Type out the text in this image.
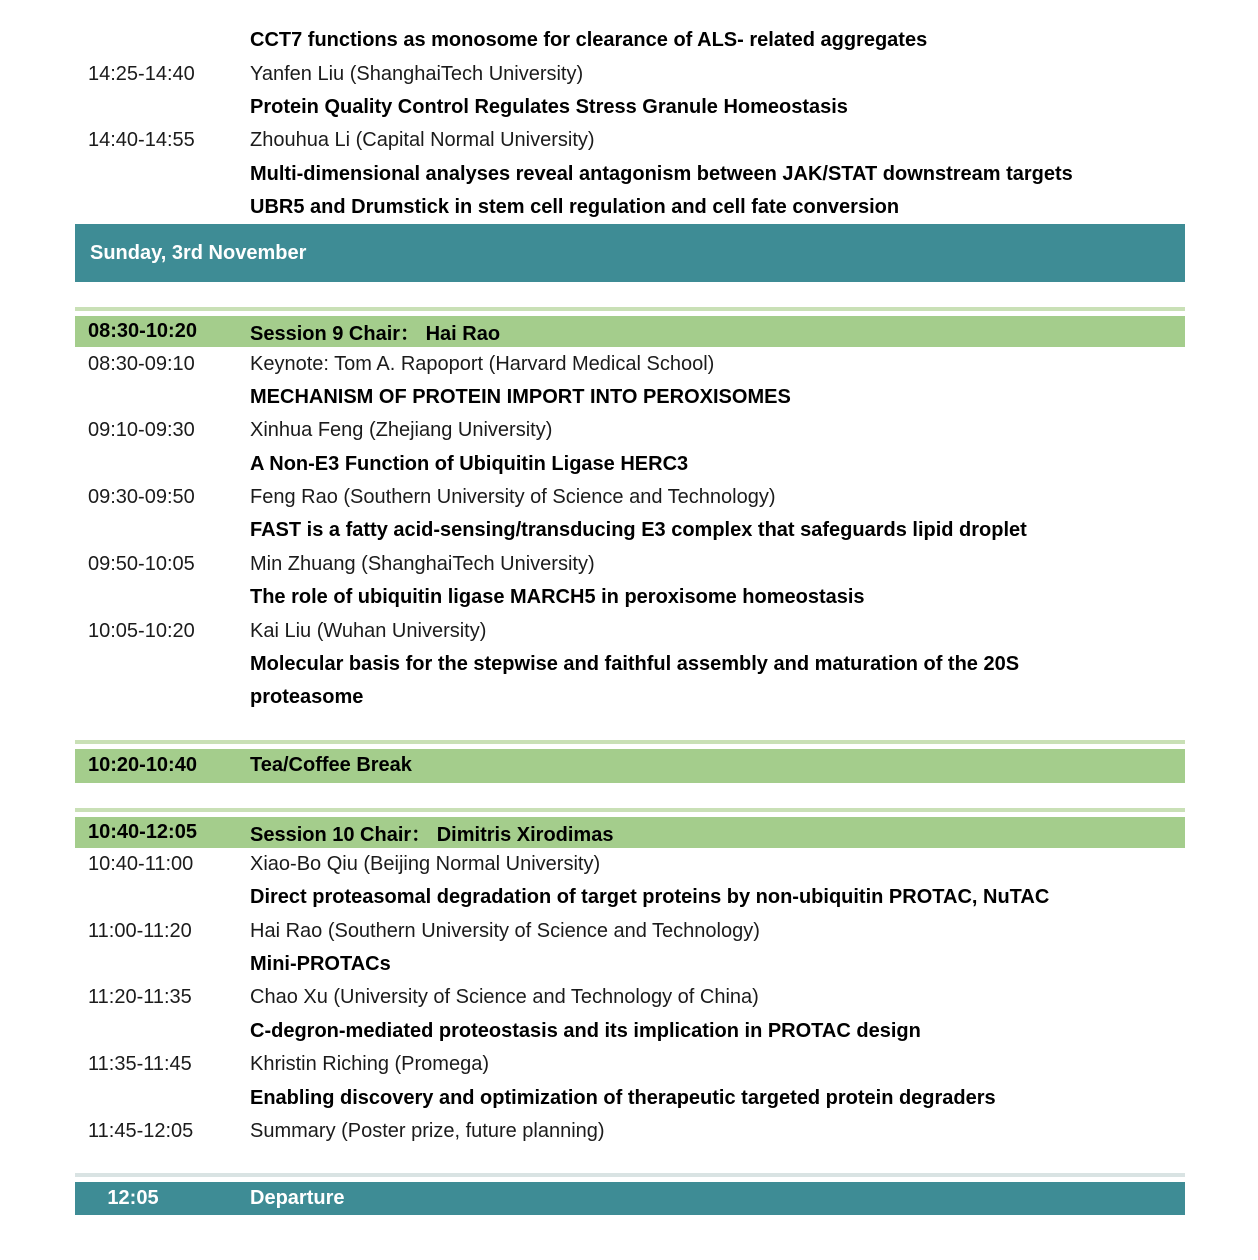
CCT7 functions as monosome for clearance of ALS- related aggregates
14:25-14:40	Yanfen Liu (ShanghaiTech University)
Protein Quality Control Regulates Stress Granule Homeostasis
14:40-14:55	Zhouhua Li (Capital Normal University)
Multi-dimensional analyses reveal antagonism between JAK/STAT downstream targets
UBR5 and Drumstick in stem cell regulation and cell fate conversion
Sunday, 3rd November
08:30-10:20	Session 9 Chair： Hai Rao
08:30-09:10	Keynote: Tom A. Rapoport (Harvard Medical School)
MECHANISM OF PROTEIN IMPORT INTO PEROXISOMES
09:10-09:30	Xinhua Feng (Zhejiang University)
A Non-E3 Function of Ubiquitin Ligase HERC3
09:30-09:50	Feng Rao (Southern University of Science and Technology)
FAST is a fatty acid-sensing/transducing E3 complex that safeguards lipid droplet
09:50-10:05	Min Zhuang (ShanghaiTech University)
The role of ubiquitin ligase MARCH5 in peroxisome homeostasis
10:05-10:20	Kai Liu (Wuhan University)
Molecular basis for the stepwise and faithful assembly and maturation of the 20S
proteasome
10:20-10:40	Tea/Coffee Break
10:40-12:05	Session 10 Chair： Dimitris Xirodimas
10:40-11:00	Xiao-Bo Qiu (Beijing Normal University)
Direct proteasomal degradation of target proteins by non-ubiquitin PROTAC, NuTAC
11:00-11:20	Hai Rao (Southern University of Science and Technology)
Mini-PROTACs
11:20-11:35	Chao Xu (University of Science and Technology of China)
C-degron-mediated proteostasis and its implication in PROTAC design
11:35-11:45	Khristin Riching (Promega)
Enabling discovery and optimization of therapeutic targeted protein degraders
11:45-12:05	Summary (Poster prize, future planning)
12:05	Departure
